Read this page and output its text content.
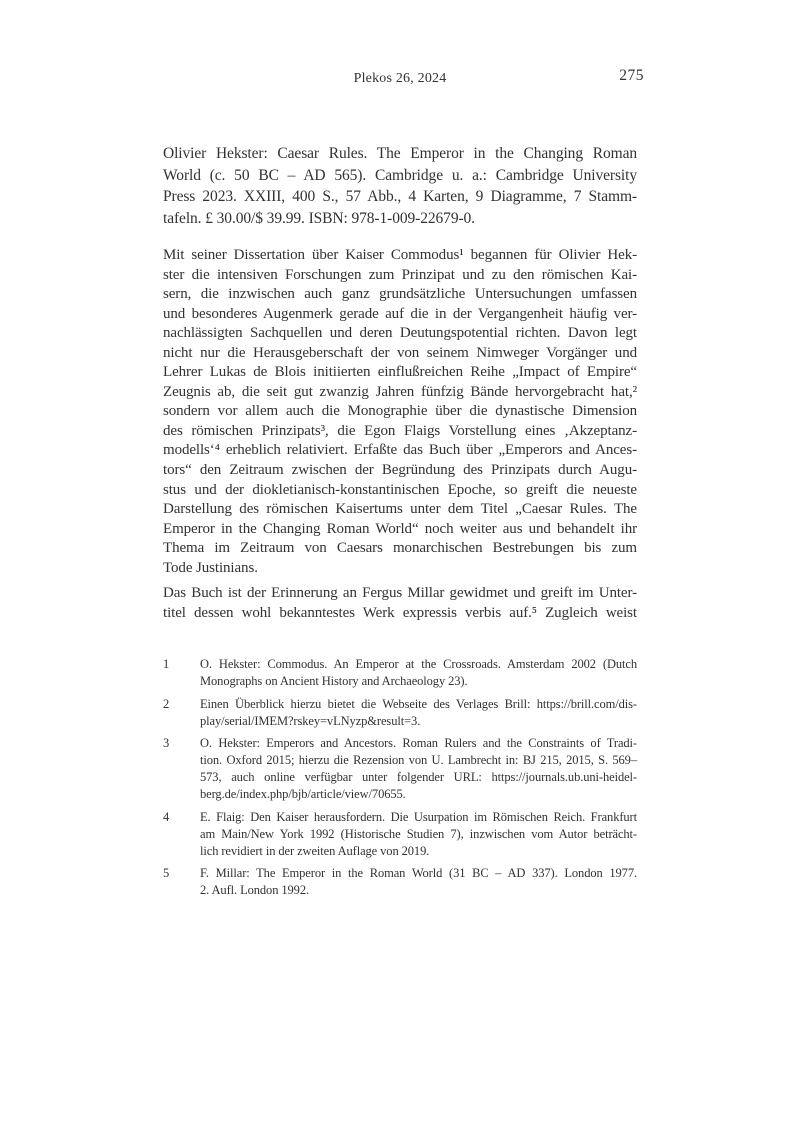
Plekos 26, 2024	275
Olivier Hekster: Caesar Rules. The Emperor in the Changing Roman
World (c. 50 BC – AD 565). Cambridge u. a.: Cambridge University
Press 2023. XXIII, 400 S., 57 Abb., 4 Karten, 9 Diagramme, 7 Stamm-
tafeln. £ 30.00/$ 39.99. ISBN: 978-1-009-22679-0.
Mit seiner Dissertation über Kaiser Commodus¹ begannen für Olivier Hek-
ster die intensiven Forschungen zum Prinzipat und zu den römischen Kai-
sern, die inzwischen auch ganz grundsätzliche Untersuchungen umfassen
und besonderes Augenmerk gerade auf die in der Vergangenheit häufig ver-
nachlässigten Sachquellen und deren Deutungspotential richten. Davon legt
nicht nur die Herausgeberschaft der von seinem Nimweger Vorgänger und
Lehrer Lukas de Blois initiierten einflußreichen Reihe „Impact of Empire“
Zeugnis ab, die seit gut zwanzig Jahren fünfzig Bände hervorgebracht hat,²
sondern vor allem auch die Monographie über die dynastische Dimension
des römischen Prinzipats³, die Egon Flaigs Vorstellung eines ‚Akzeptanz-
modells‘⁴ erheblich relativiert. Erfaßte das Buch über „Emperors and Ances-
tors“ den Zeitraum zwischen der Begründung des Prinzipats durch Augu-
stus und der diokletianisch-konstantinischen Epoche, so greift die neueste
Darstellung des römischen Kaisertums unter dem Titel „Caesar Rules. The
Emperor in the Changing Roman World“ noch weiter aus und behandelt ihr
Thema im Zeitraum von Caesars monarchischen Bestrebungen bis zum
Tode Justinians.
Das Buch ist der Erinnerung an Fergus Millar gewidmet und greift im Unter-
titel dessen wohl bekanntestes Werk expressis verbis auf.⁵ Zugleich weist
1	O. Hekster: Commodus. An Emperor at the Crossroads. Amsterdam 2002 (Dutch
Monographs on Ancient History and Archaeology 23).
2	Einen Überblick hierzu bietet die Webseite des Verlages Brill: https://brill.com/dis-
play/serial/IMEM?rskey=vLNyzp&result=3.
3	O. Hekster: Emperors and Ancestors. Roman Rulers and the Constraints of Tradi-
tion. Oxford 2015; hierzu die Rezension von U. Lambrecht in: BJ 215, 2015, S. 569–
573, auch online verfügbar unter folgender URL: https://journals.ub.uni-heidel-
berg.de/index.php/bjb/article/view/70655.
4	E. Flaig: Den Kaiser herausfordern. Die Usurpation im Römischen Reich. Frankfurt
am Main/New York 1992 (Historische Studien 7), inzwischen vom Autor beträcht-
lich revidiert in der zweiten Auflage von 2019.
5	F. Millar: The Emperor in the Roman World (31 BC – AD 337). London 1977.
2. Aufl. London 1992.
